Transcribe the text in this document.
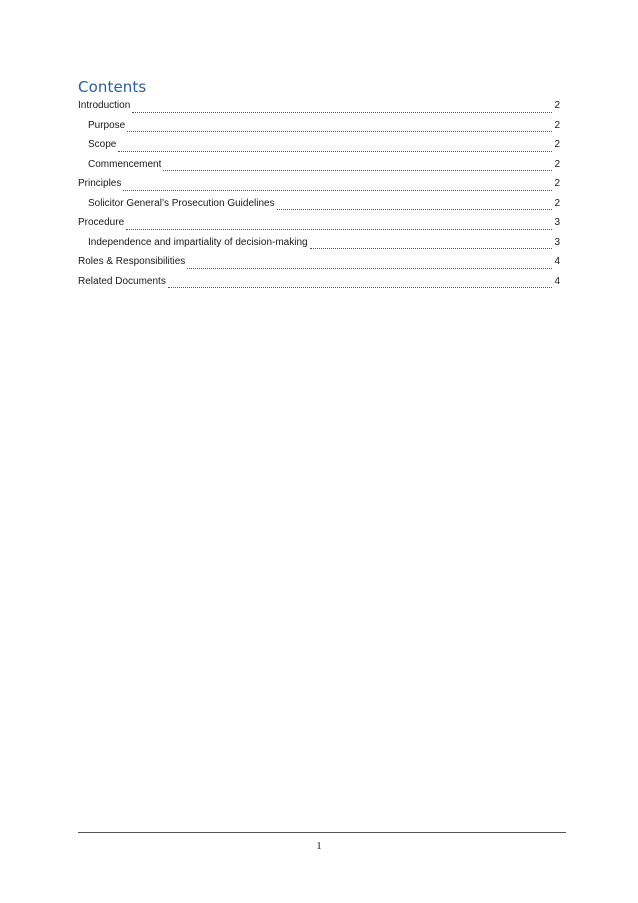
Contents
Introduction	2
Purpose	2
Scope	2
Commencement	2
Principles	2
Solicitor General’s Prosecution Guidelines	2
Procedure	3
Independence and impartiality of decision-making	3
Roles & Responsibilities	4
Related Documents	4
1
